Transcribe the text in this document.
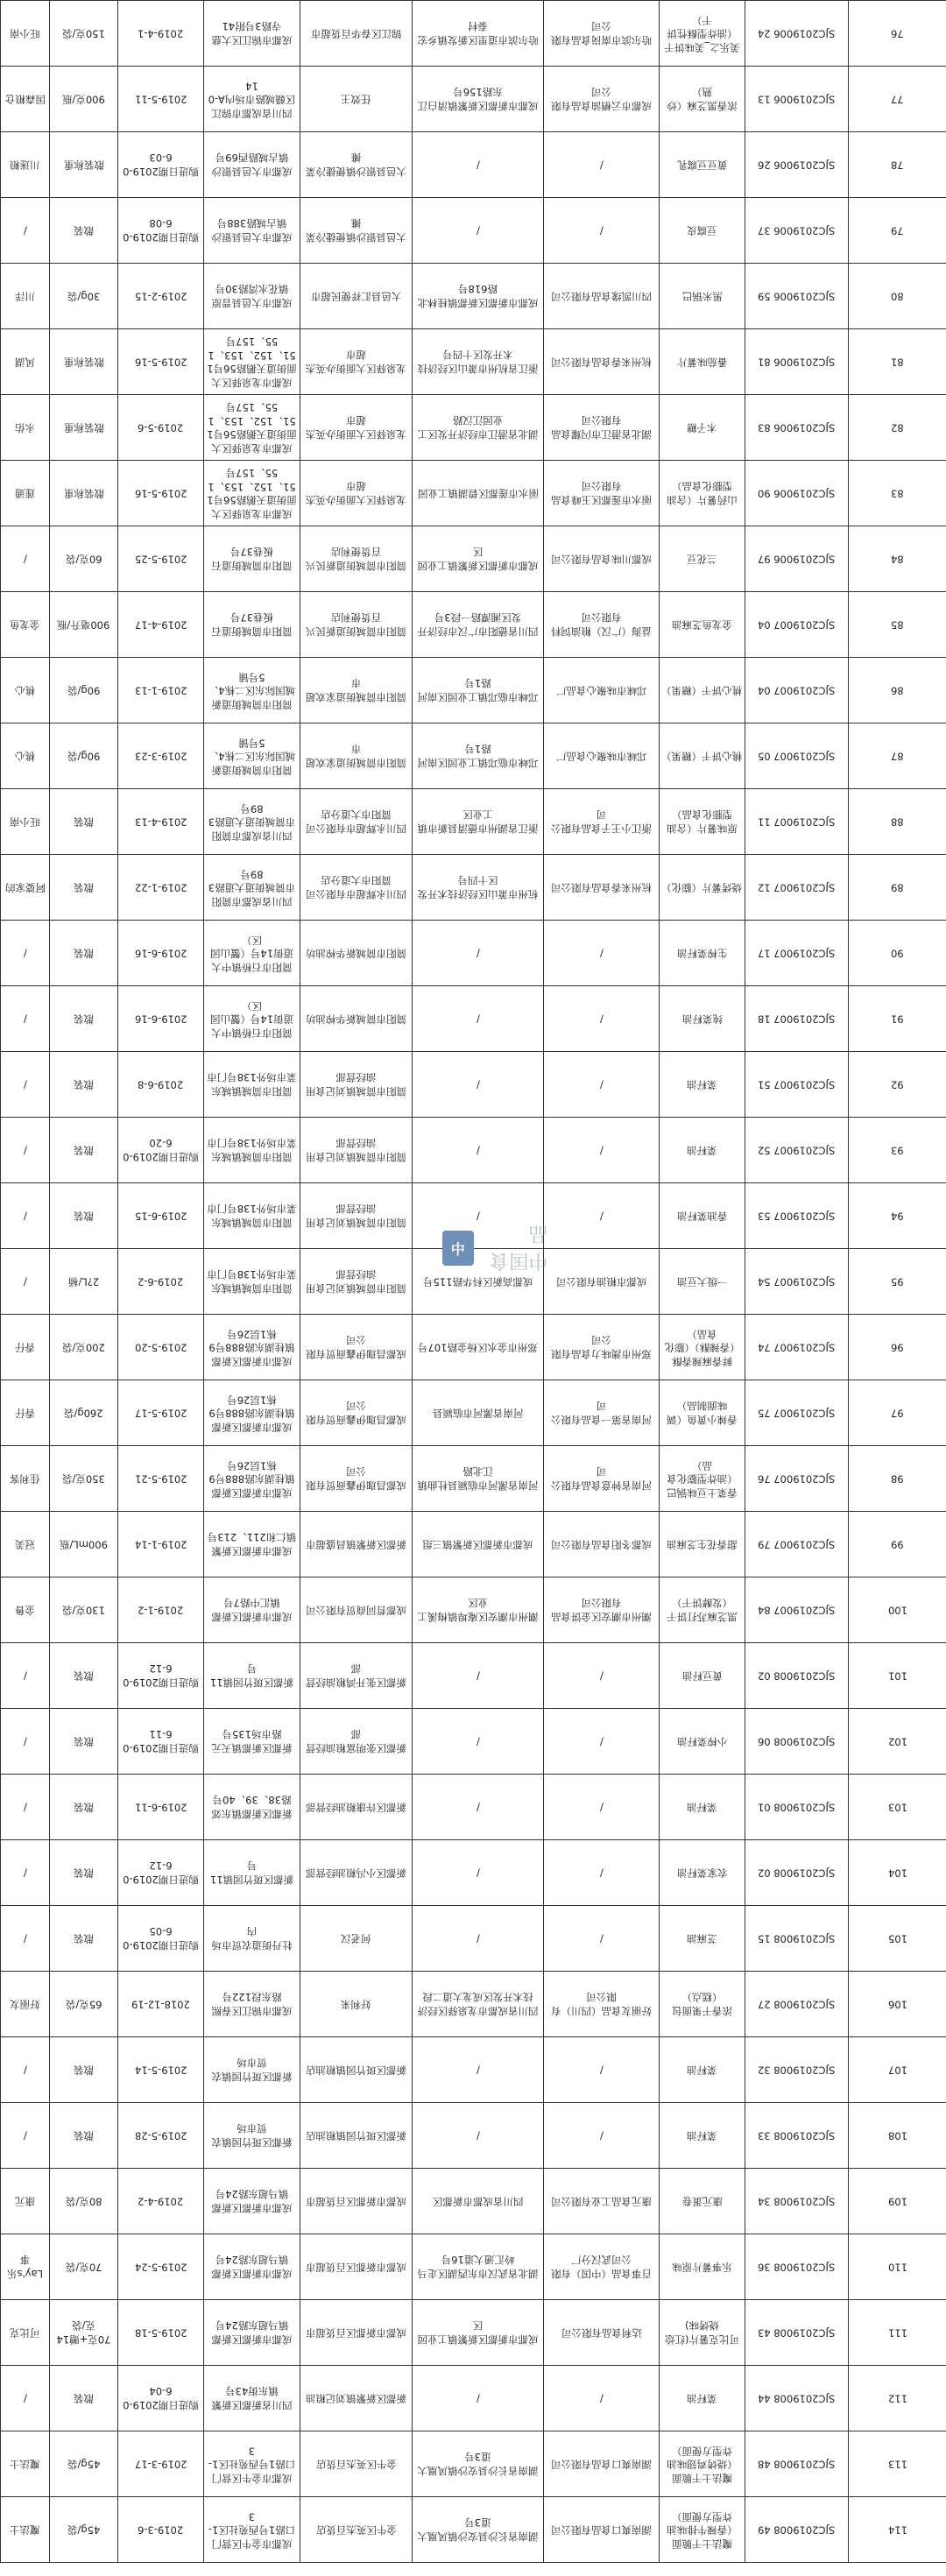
旺小南	150克/袋	2019-4-1	成都市锦江区大慈寺路3号附41	锦江区春华百货超市	哈尔滨市道里区新发镇乡宏泰村	哈尔滨市南岗食品有限公司	美乐之_美味饼干（油炸型酥性饼干）	SJC2019006 24	76
国森粮仓	900克/瓶	2019-5-11	四川省成都市锦江区赣城路市场内A-014	任效王	成都市新都区新繁镇清白江东路156号	成都市云栖油食品有限公司	浓香黑芝麻（炒熟）	SJC2019006 13	77
川迷粮	散装称重	购进日期2019-06-03	成都市大邑县银沙镇古城路西69号	大邑县银沙镇便捷冷菜摊	/	/	黄豆豆腐乳	SJC2019006 26	78
/	散装	购进日期2019-06-08	成都市大邑县银沙镇古城路388号	大邑县银沙镇便捷冷菜摊	/	/	豆腐皮	SJC2019006 37	79
川洋	30g/袋	2019-2-15	成都市大邑县晋原镇花水湾路30号	大邑县汇祥便民超市	成都市新都区新都镇桂林北路618号	四川凯缘食品有限公司	黑米锅巴	SJC2019006 59	80
风湖	散装称重	2019-5-16	成都市龙泉驿区大面街道天鹅路56号151、152、153、155、157号	龙泉驿区大面街办英杰超市	浙江省杭州市萧山区经济技术开发区十四号	杭州来香食品有限公司	番茄味薯片	SJC2019006 81	81
永佑	散装称重	2019-5-6	成都市龙泉驿区大面街道天鹅路56号151、152、153、155、157号	龙泉驿区大面街办英杰超市	湖北省潜江市经济开发区工业园江汉路	湖北省潜江市闪耀食品有限公司	木子糖	SJC2019006 83	82
莲通	散装称重	2019-5-16	成都市龙泉驿区大面街道天鹅路56号151、152、153、155、157号	龙泉驿区大面街办英杰超市	丽水市莲都区碧湖镇工业园	丽水市莲都区玉峰食品有限公司	山药薯片（含油型膨化食品）	SJC2019006 90	83
/	60克/袋	2019-5-25	简阳市简城街道石板巷37号	简阳市简城街道新民兴百货便利店	成都市新都区新繁镇工业园区	成都川味食品有限公司	兰花豆	SJC2019006 97	84
金龙鱼	900毫升/瓶	2019-4-17	简阳市简城街道石板巷37号	简阳市简城街道新民兴百货便利店	四川省德阳市广汉市经济开发区湘潭路一段3号	益海（广汉）粮油饲料有限公司	金龙鱼芝麻油	SJC2019007 04	85
桃心	90g/袋	2019-1-13	简阳市简城街道新城国际东区二栋4、5号铺	简阳市简城街道家欢超市	邛崃市临邛镇工业园区南河路1号	邛崃市味聚心食品厂	桃心饼干（糖果）	SJC2019007 04	86
桃心	90g/袋	2019-3-23	简阳市简城街道新城国际东区二栋4、5号铺	简阳市简城街道家欢超市	邛崃市临邛镇工业园区南河路1号	邛崃市味聚心食品厂	桃心饼干（糖果）	SJC2019007 05	87
旺小南	散装	2019-4-13	四川省成都市简阳市简城街道大道路389号	四川永辉超市有限公司简阳市大道分店	浙江省湖州市德清县新市镇工业区	浙江小王子食品有限公司	原味薯片（含油型膨化食品）	SJC2019007 11	88
阿婆家的	散装	2019-1-22	四川省成都市简阳市简城街道大道路389号	四川永辉超市有限公司简阳市大道分店	杭州市萧山区经济技术开发区十四号	杭州来香食品有限公司	烧烤薯片（膨化）	SJC2019007 12	89
/	散装	2019-6-16	简阳市石桥镇中大道街14号（蟹山园区）	简阳市简城新华榨油坊	/	/	生榨菜籽油	SJC2019007 17	90
/	散装	2019-6-16	简阳市石桥镇中大道街14号（蟹山园区）	简阳市简城新华榨油坊	/	/	纯菜籽油	SJC2019007 18	91
/	散装	2019-6-8	简阳市简城镇城东菜市场外138号门市	简阳市简城镇刘记食用油经营部	/	/	菜籽油	SJC2019007 51	92
/	散装	购进日期2019-06-20	简阳市简城镇城东菜市场外138号门市	简阳市简城镇刘记食用油经营部	/	/	菜籽油	SJC2019007 52	93
/	散装	2019-6-15	简阳市简城镇城东菜市场外138号门市	简阳市简城镇刘记食用油经营部	/	/	香油菜籽油	SJC2019007 53	94
/	2?L/桶	2019-6-2	简阳市简城镇城东菜市场外138号门市	简阳市简城镇刘记食用油经营部	成都高新区科华路115号	成都市粮油有限公司	一级大豆油	SJC2019007 54	95
香仔	200克/袋	2019-5-20	成都市新都区新都镇桂湖东路888号9栋1层26号	成都昌珈伊鑫商贸有限公司	郑州市金水区杨金路107号	郑州市澳味力食品有限公司	鲜香麻辣香酥（香辣酥）（膨化食品）	SJC2019007 74	96
香仔	260g/袋	2019-5-17	成都市新都区新都镇桂湖东路888号9栋1层26号	成都昌珈伊鑫商贸有限公司	河南省漯河市临颍县	河南省第一食品有限公司	香辣小黄鱼（调味面制品）	SJC2019007 75	97
佳利客	350克/袋	2019-5-21	成都市新都区新都镇桂湖东路888号9栋1层26号	成都昌珈伊鑫商贸有限公司	河南省漯河市临颍县杜曲镇江北路	河南省钟意食品有限公司	香菜土豆味锅巴（油炸型膨化食品）	SJC2019007 76	98
冠美	900mL/瓶	2019-1-14	成都市新都区新繁镇仁和211、213号	新都区新繁镇昌盛超市	成都市新都区新繁镇三组	成都冬阳食品有限公司	甜香花生芝麻油	SJC2019007 79	99
金鲁	130克/袋	2019-1-2	成都市新都区新都镇汇中路7号	成都哲同商贸有限公司	潮州市潮安区庵埠镇梅溪工业区	潮州市潮安区金饼食品有限公司	黑芝麻苏打饼干（发酵饼干）	SJC2019007 84	100
/	散装	购进日期2019-06-12	新都区斑竹园镇11号	新都区张开鸿粮油经营部	/	/	黄豆籽油	SJC2019008 02	101
/	散装	购进日期2019-06-11	新都区新都镇天元路市场135号	新都区张明富粮油经营部	/	/	小榨菜籽油	SJC2019008 06	102
/	散装	2019-6-11	新都区新都镇东郊路38、39、40号	新都区许康粮油经营部	/	/	菜籽油	SJC2019008 01	103
/	散装	购进日期2019-06-12	新都区斑竹园镇11号	新都区小冯粮油经营部	/	/	农家菜籽油	SJC2019008 02	104
/	散装	购进日期2019-06-05	牡丹街道农贸市场内	何老汉	/	/	芝麻油	SJC2019008 15	105
好丽友	65克/袋	2018-12-19	成都市锦江区春熙路东段122号	好利来	四川省成都市龙泉驿区经济技术开发区成龙大道二段	好丽友食品（四川）有限公司	浓香干果面包（糕点）	SJC2019008 27	106
/	散装	2019-5-14	新都区斑竹园镇农贸市场	新都区斑竹园镇粮油店	/	/	菜籽油	SJC2019008 32	107
/	散装	2019-5-28	新都区斑竹园镇农贸市场	新都区斑竹园镇粮油店	/	/	菜籽油	SJC2019008 33	108
康元	80克/袋	2019-4-2	成都市新都区新都镇马超东路24号	成都市新都区百货超市	四川省成都市新都区	康元食品工业有限公司	康元蛋卷	SJC2019008 34	109
Lay's乐事	70克/袋	2019-5-24	成都市新都区新都镇马超东路24号	成都市新都区百货超市	湖北省武汉市东西湖区走马岭汇通大道16号	百事食品（中国）有限公司武汉分厂	乐事薯片原味	SJC2019008 36	110
可比克	70克+赠14克/袋	2019-5-18	成都市新都区新都镇马超东路24号	成都市新都区百货超市	成都市新都区新繁镇工业园区	达利食品有限公司	可比克薯片(红烩烧烤味)	SJC2019008 43	111
/	散装	购进日期2019-06-04	四川省新都区新繁镇东街43号	新都区新繁镇刘记粮油	/	/	菜籽油	SJC2019008 44	112
魔法士	45g/袋	2019-3-17	成都市金牛区营门口路1号西苑社区1-3	金牛区英杰百货店	湖南省长沙县安沙镇风凰大道3号	湖南爽口食品有限公司	魔法士干脆面（烧烤鸡翅味油炸型方便面）	SJC2019008 48	113
魔法士	45g/袋	2019-3-6	成都市金牛区营门口路1号西苑社区1-3	金牛区英杰百货店	湖南省长沙县安沙镇风凰大道3号	湖南爽口食品有限公司	魔法士干脆面（香辣牛排味油炸型方便面）	SJC2019008 49	114
中	中国食品
